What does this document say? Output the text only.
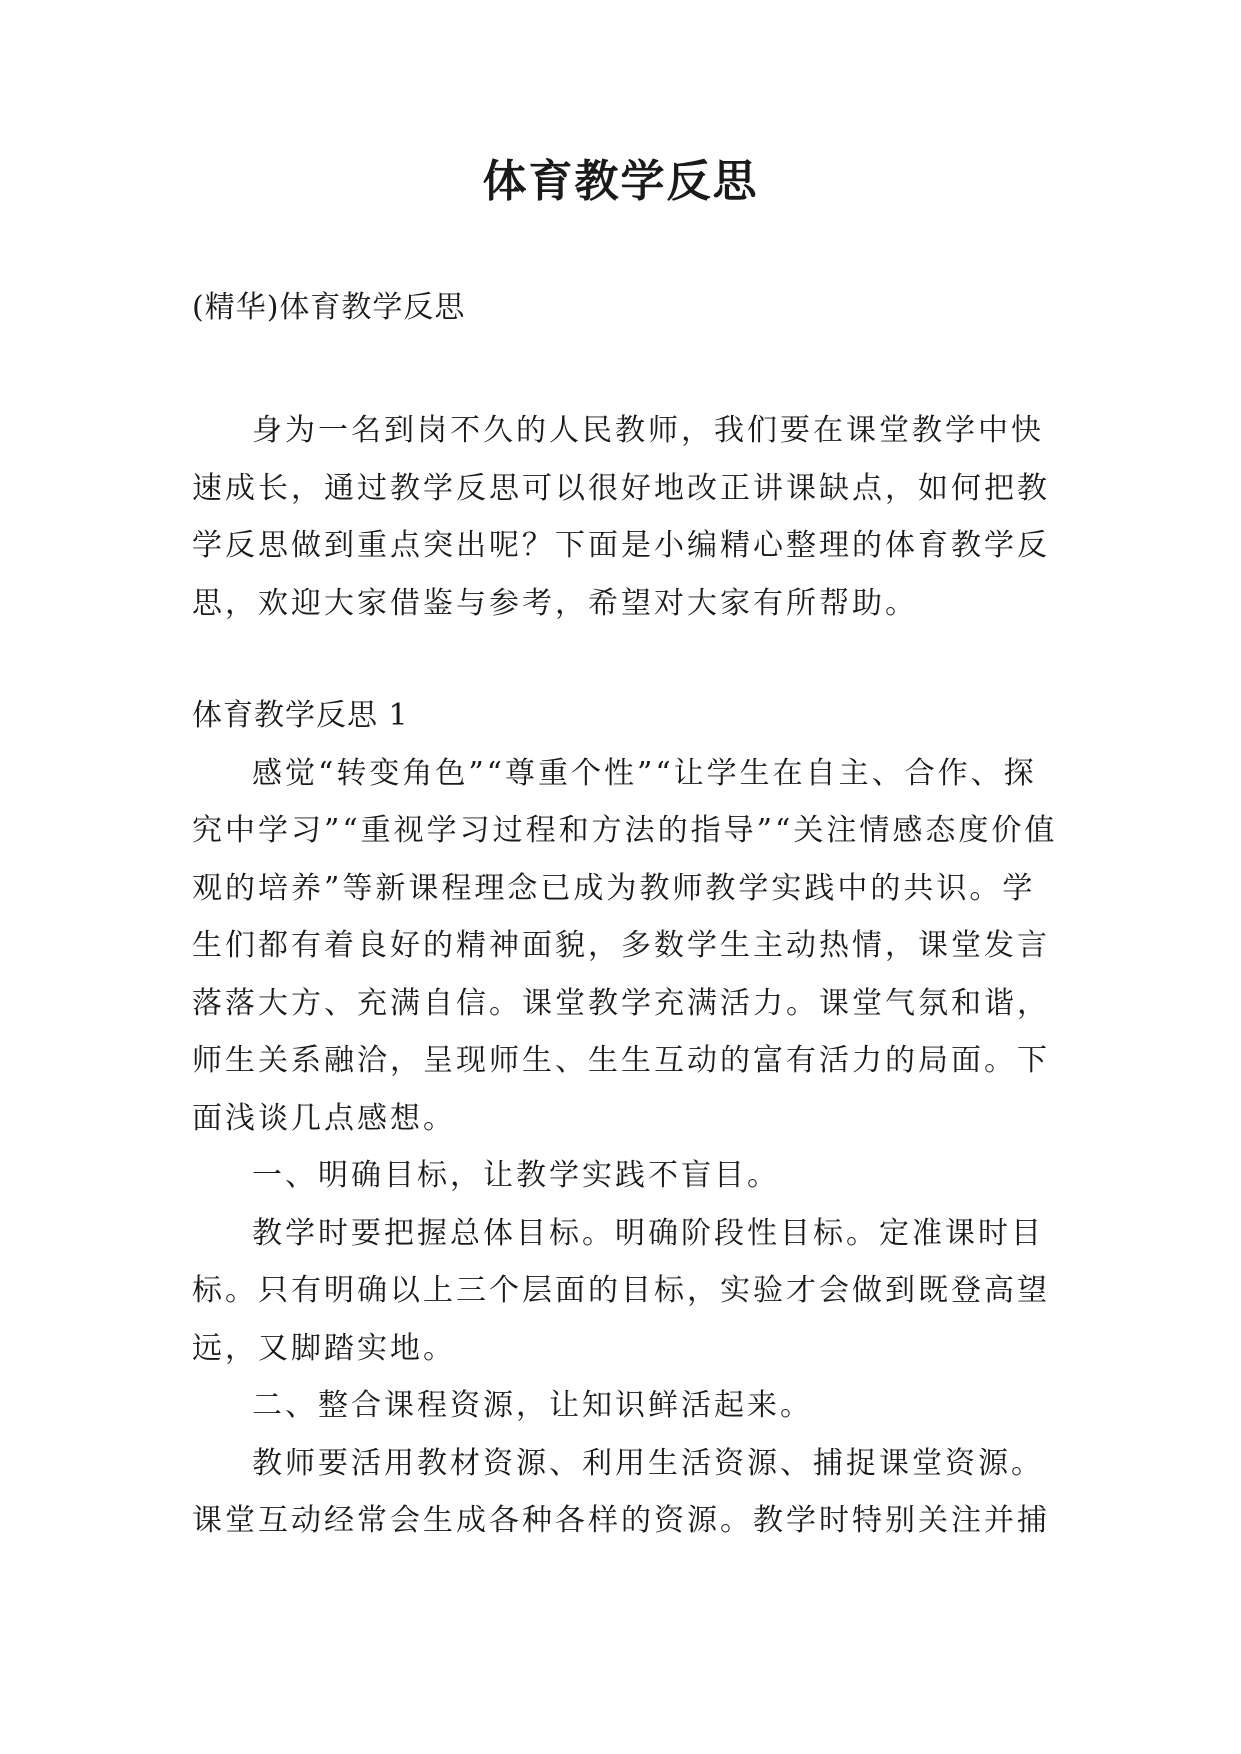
体育教学反思

(精华)体育教学反思

身为一名到岗不久的人民教师，我们要在课堂教学中快速成长，通过教学反思可以很好地改正讲课缺点，如何把教学反思做到重点突出呢？下面是小编精心整理的体育教学反思，欢迎大家借鉴与参考，希望对大家有所帮助。

体育教学反思 1

感觉“转变角色”“尊重个性”“让学生在自主、合作、探究中学习”“重视学习过程和方法的指导”“关注情感态度价值观的培养”等新课程理念已成为教师教学实践中的共识。学生们都有着良好的精神面貌，多数学生主动热情，课堂发言落落大方、充满自信。课堂教学充满活力。课堂气氛和谐，师生关系融洽，呈现师生、生生互动的富有活力的局面。下面浅谈几点感想。

一、明确目标，让教学实践不盲目。

教学时要把握总体目标。明确阶段性目标。定准课时目标。只有明确以上三个层面的目标，实验才会做到既登高望远，又脚踏实地。

二、整合课程资源，让知识鲜活起来。

教师要活用教材资源、利用生活资源、捕捉课堂资源。课堂互动经常会生成各种各样的资源。教学时特别关注并捕
